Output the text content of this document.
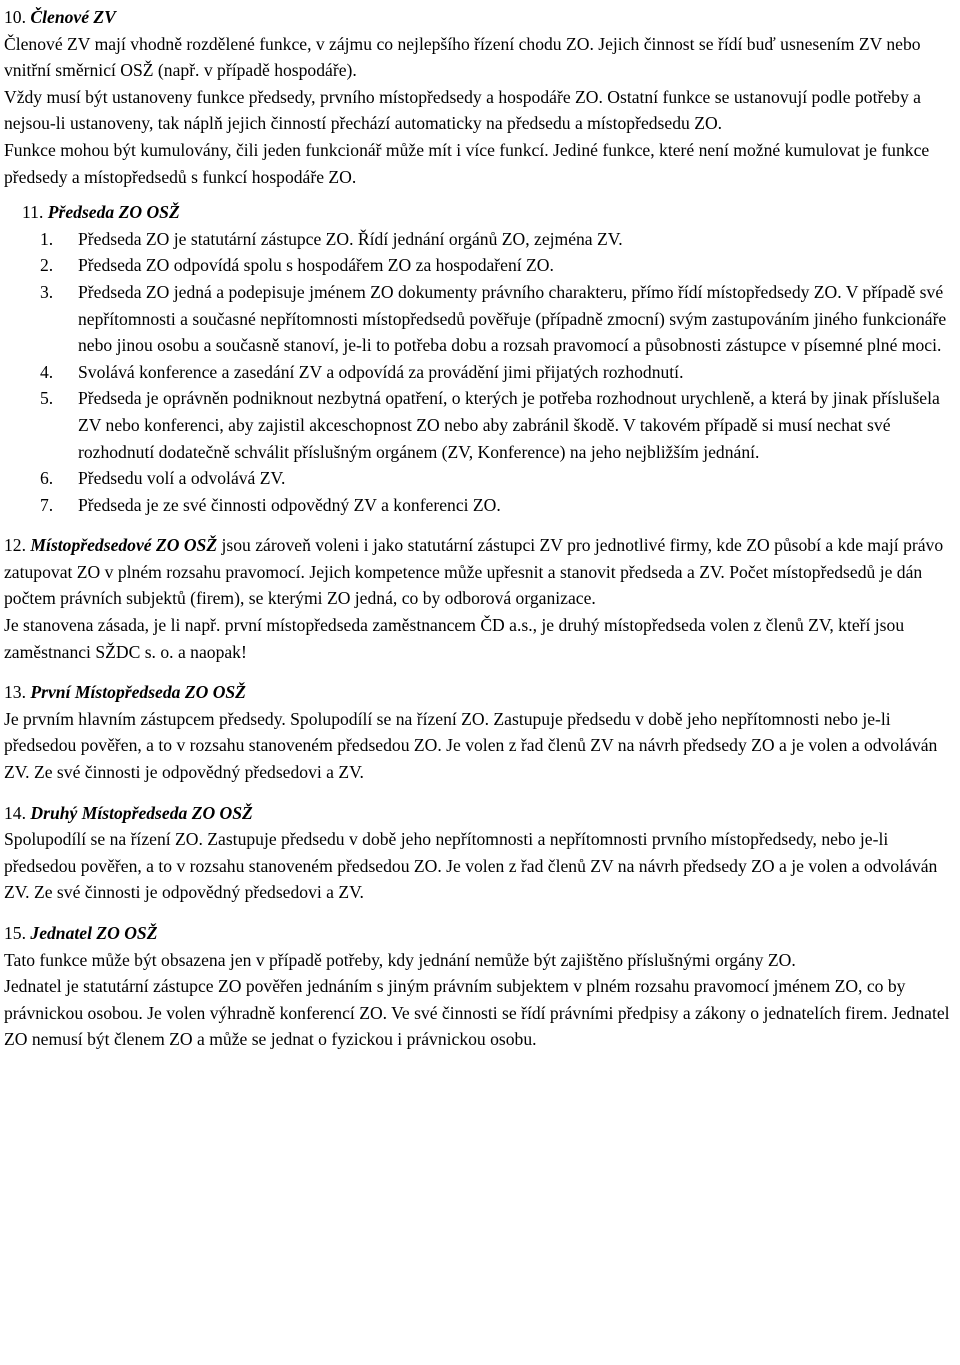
10. Členové ZV

Členové ZV mají vhodně rozdělené funkce, v zájmu co nejlepšího řízení chodu ZO. Jejich činnost se řídí buď usnesením ZV nebo vnitřní směrnicí OSŽ (např. v případě hospodáře).

Vždy musí být ustanoveny funkce předsedy, prvního místopředsedy a hospodáře ZO. Ostatní funkce se ustanovují podle potřeby a nejsou-li ustanoveny, tak náplň jejich činností přechází automaticky na předsedu a místopředsedu ZO.

Funkce mohou být kumulovány, čili jeden funkcionář může mít i více funkcí. Jediné funkce, které není možné kumulovat je funkce předsedy a místopředsedů s funkcí hospodáře ZO.

11. Předseda ZO OSŽ
1. Předseda ZO je statutární zástupce ZO. Řídí jednání orgánů ZO, zejména ZV.
2. Předseda ZO odpovídá spolu s hospodářem ZO za hospodaření ZO.
3. Předseda ZO jedná a podepisuje jménem ZO dokumenty právního charakteru, přímo řídí místopředsedy ZO. V případě své nepřítomnosti a současné nepřítomnosti místopředsedů pověřuje (případně zmocní) svým zastupováním jiného funkcionáře nebo jinou osobu a současně stanoví, je-li to potřeba dobu a rozsah pravomocí a působnosti zástupce v písemné plné moci.
4. Svolává konference a zasedání ZV a odpovídá za provádění jimi přijatých rozhodnutí.
5. Předseda je oprávněn podniknout nezbytná opatření, o kterých je potřeba rozhodnout urychleně, a která by jinak příslušela ZV nebo konferenci, aby zajistil akceschopnost ZO nebo aby zabránil škodě. V takovém případě si musí nechat své rozhodnutí dodatečně schválit příslušným orgánem (ZV, Konference) na jeho nejbližším jednání.
6. Předsedu volí a odvolává ZV.
7. Předseda je ze své činnosti odpovědný ZV a konferenci ZO.

12. Místopředsedové ZO OSŽ jsou zároveň voleni i jako statutární zástupci ZV pro jednotlivé firmy, kde ZO působí a kde mají právo zatupovat ZO v plném rozsahu pravomocí. Jejich kompetence může upřesnit a stanovit předseda a ZV. Počet místopředsedů je dán počtem právních subjektů (firem), se kterými ZO jedná, co by odborová organizace.

Je stanovena zásada, je li např. první místopředseda zaměstnancem ČD a.s., je druhý místopředseda volen z členů ZV, kteří jsou zaměstnanci SŽDC s. o. a naopak!

13. První Místopředseda ZO OSŽ

Je prvním hlavním zástupcem předsedy. Spolupodílí se na řízení ZO. Zastupuje předsedu v době jeho nepřítomnosti nebo je-li předsedou pověřen, a to v rozsahu stanoveném předsedou ZO. Je volen z řad členů ZV na návrh předsedy ZO a je volen a odvoláván ZV. Ze své činnosti je odpovědný předsedovi a ZV.

14. Druhý Místopředseda ZO OSŽ

Spolupodílí se na řízení ZO. Zastupuje předsedu v době jeho nepřítomnosti a nepřítomnosti prvního místopředsedy, nebo je-li předsedou pověřen, a to v rozsahu stanoveném předsedou ZO. Je volen z řad členů ZV na návrh předsedy ZO a je volen a odvoláván ZV. Ze své činnosti je odpovědný předsedovi a ZV.

15. Jednatel ZO OSŽ

Tato funkce může být obsazena jen v případě potřeby, kdy jednání nemůže být zajištěno příslušnými orgány ZO.

Jednatel je statutární zástupce ZO pověřen jednáním s jiným právním subjektem v plném rozsahu pravomocí jménem ZO, co by právnickou osobou. Je volen výhradně konferencí ZO. Ve své činnosti se řídí právními předpisy a zákony o jednatelích firem. Jednatel ZO nemusí být členem ZO a může se jednat o fyzickou i právnickou osobu.
